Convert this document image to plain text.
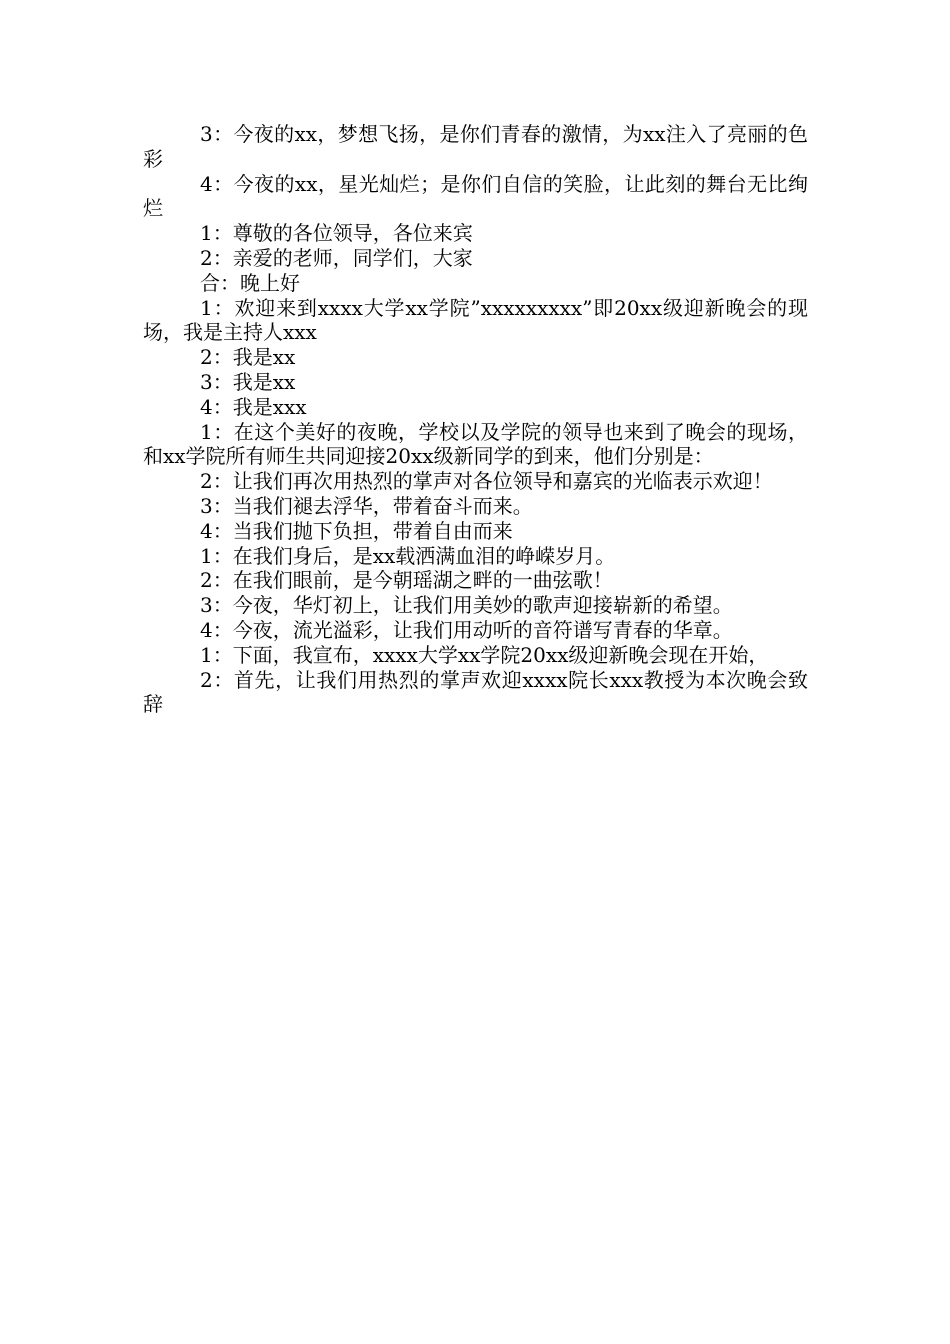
3：今夜的xx，梦想飞扬，是你们青春的激情，为xx注入了亮丽的色彩

4：今夜的xx，星光灿烂；是你们自信的笑脸，让此刻的舞台无比绚烂

1：尊敬的各位领导，各位来宾

2：亲爱的老师，同学们，大家

合：晚上好

1：欢迎来到xxxx大学xx学院”xxxxxxxxx”即20xx级迎新晚会的现场，我是主持人xxx

2：我是xx

3：我是xx

4：我是xxx

1：在这个美好的夜晚，学校以及学院的领导也来到了晚会的现场，和xx学院所有师生共同迎接20xx级新同学的到来，他们分别是：

2：让我们再次用热烈的掌声对各位领导和嘉宾的光临表示欢迎！

3：当我们褪去浮华，带着奋斗而来。

4：当我们抛下负担，带着自由而来

1：在我们身后，是xx载洒满血泪的峥嵘岁月。

2：在我们眼前，是今朝瑶湖之畔的一曲弦歌！

3：今夜，华灯初上，让我们用美妙的歌声迎接崭新的希望。

4：今夜，流光溢彩，让我们用动听的音符谱写青春的华章。

1：下面，我宣布，xxxx大学xx学院20xx级迎新晚会现在开始，

2：首先，让我们用热烈的掌声欢迎xxxx院长xxx教授为本次晚会致辞
